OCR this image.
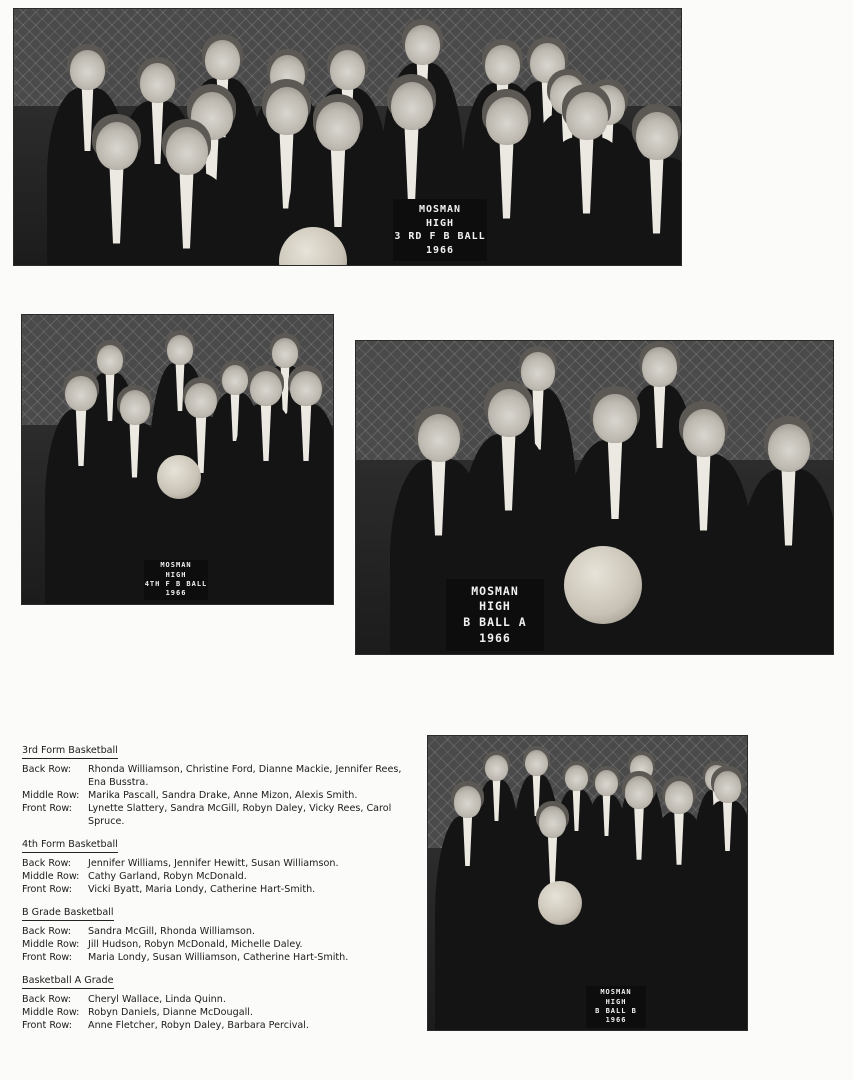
MOSMAN
HIGH
3 RD F B BALL
1966
MOSMAN
HIGH
4TH F B BALL
1966	MOSMAN
HIGH
B BALL A
1966
MOSMAN
HIGH
B BALL B
1966
3rd Form Basketball
Back Row:	Rhonda Williamson, Christine Ford, Dianne Mackie, Jennifer Rees, Ena Busstra.
Middle Row: Marika Pascall, Sandra Drake, Anne Mizon, Alexis Smith.
Front Row:	Lynette Slattery, Sandra McGill, Robyn Daley, Vicky Rees, Carol Spruce.
4th Form Basketball
Back Row:	Jennifer Williams, Jennifer Hewitt, Susan Williamson.
Middle Row: Cathy Garland, Robyn McDonald.
Front Row:	Vicki Byatt, Maria Londy, Catherine Hart-Smith.
B Grade Basketball
Back Row:	Sandra McGill, Rhonda Williamson.
Middle Row: Jill Hudson, Robyn McDonald, Michelle Daley.
Front Row:	Maria Londy, Susan Williamson, Catherine Hart-Smith.
Basketball A Grade
Back Row:	Cheryl Wallace, Linda Quinn.
Middle Row: Robyn Daniels, Dianne McDougall.
Front Row:	Anne Fletcher, Robyn Daley, Barbara Percival.
